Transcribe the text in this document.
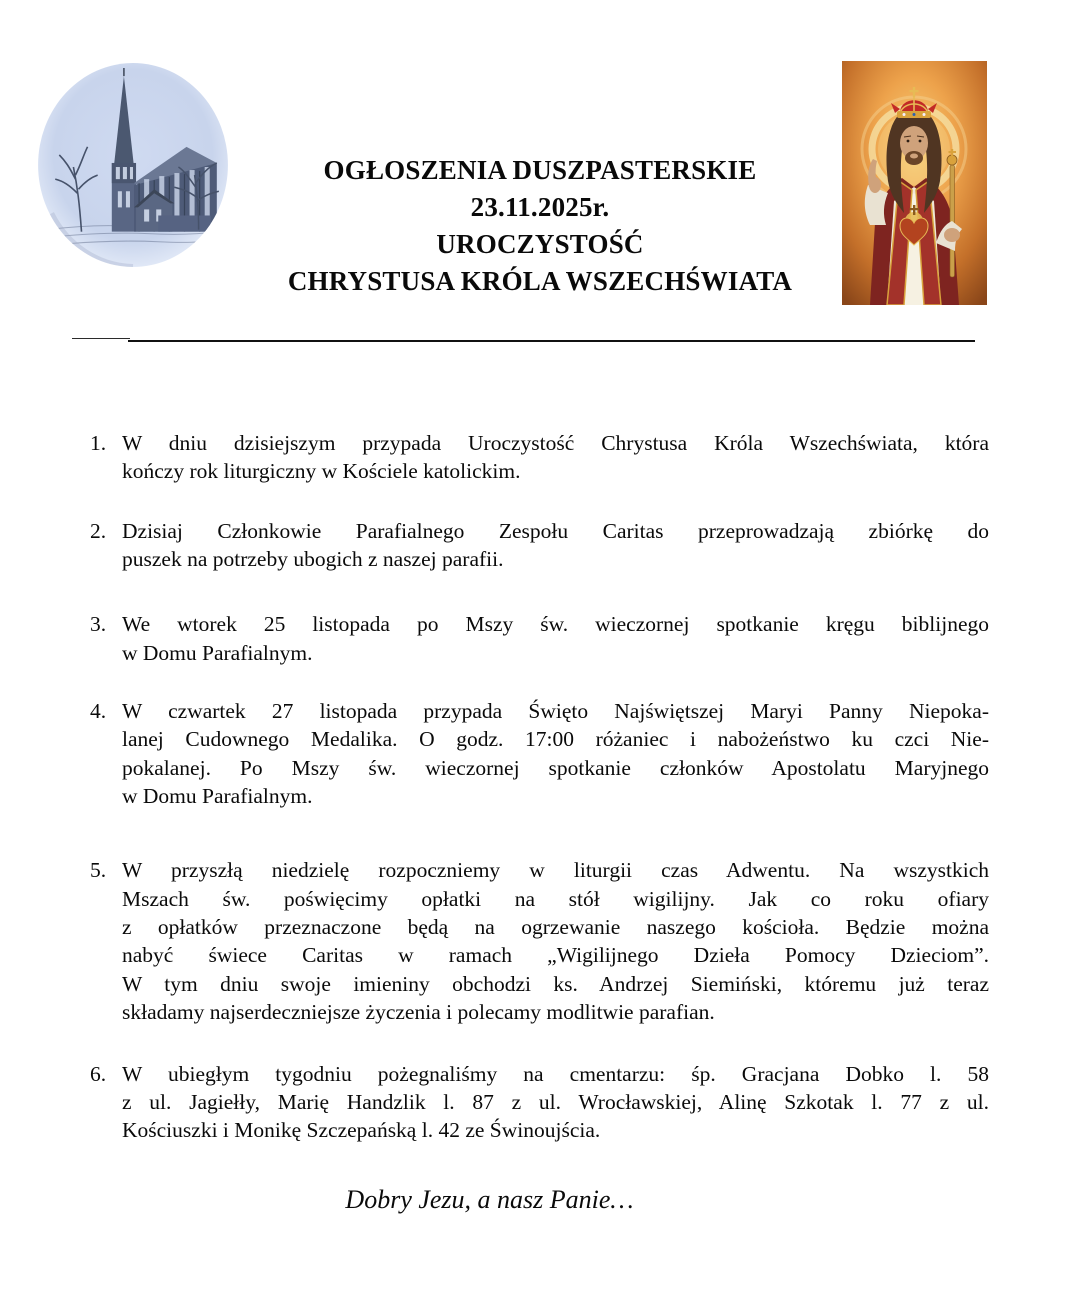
OGŁOSZENIA DUSZPASTERSKIE
23.11.2025r.
UROCZYSTOŚĆ
CHRYSTUSA KRÓLA WSZECHŚWIATA
1. W dniu dzisiejszym przypada Uroczystość Chrystusa Króla Wszechświata, która
kończy rok liturgiczny w Kościele katolickim.
2. Dzisiaj Członkowie Parafialnego Zespołu Caritas przeprowadzają zbiórkę do
puszek na potrzeby ubogich z naszej parafii.
3. We wtorek 25 listopada po Mszy św. wieczornej spotkanie kręgu biblijnego
w Domu Parafialnym.
4. W czwartek 27 listopada przypada Święto Najświętszej Maryi Panny Niepoka-
lanej Cudownego Medalika. O godz. 17:00 różaniec i nabożeństwo ku czci Nie-
pokalanej. Po Mszy św. wieczornej spotkanie członków Apostolatu Maryjnego
w Domu Parafialnym.
5. W przyszłą niedzielę rozpoczniemy w liturgii czas Adwentu. Na wszystkich
Mszach św. poświęcimy opłatki na stół wigilijny. Jak co roku ofiary
z opłatków przeznaczone będą na ogrzewanie naszego kościoła. Będzie można
nabyć świece Caritas w ramach „Wigilijnego Dzieła Pomocy Dzieciom”.
W tym dniu swoje imieniny obchodzi ks. Andrzej Siemiński, któremu już teraz
składamy najserdeczniejsze życzenia i polecamy modlitwie parafian.
6. W ubiegłym tygodniu pożegnaliśmy na cmentarzu: śp. Gracjana Dobko l. 58
z ul. Jagiełły, Marię Handzlik l. 87 z ul. Wrocławskiej, Alinę Szkotak l. 77 z ul.
Kościuszki i Monikę Szczepańską l. 42 ze Świnoujścia.
Dobry Jezu, a nasz Panie…
